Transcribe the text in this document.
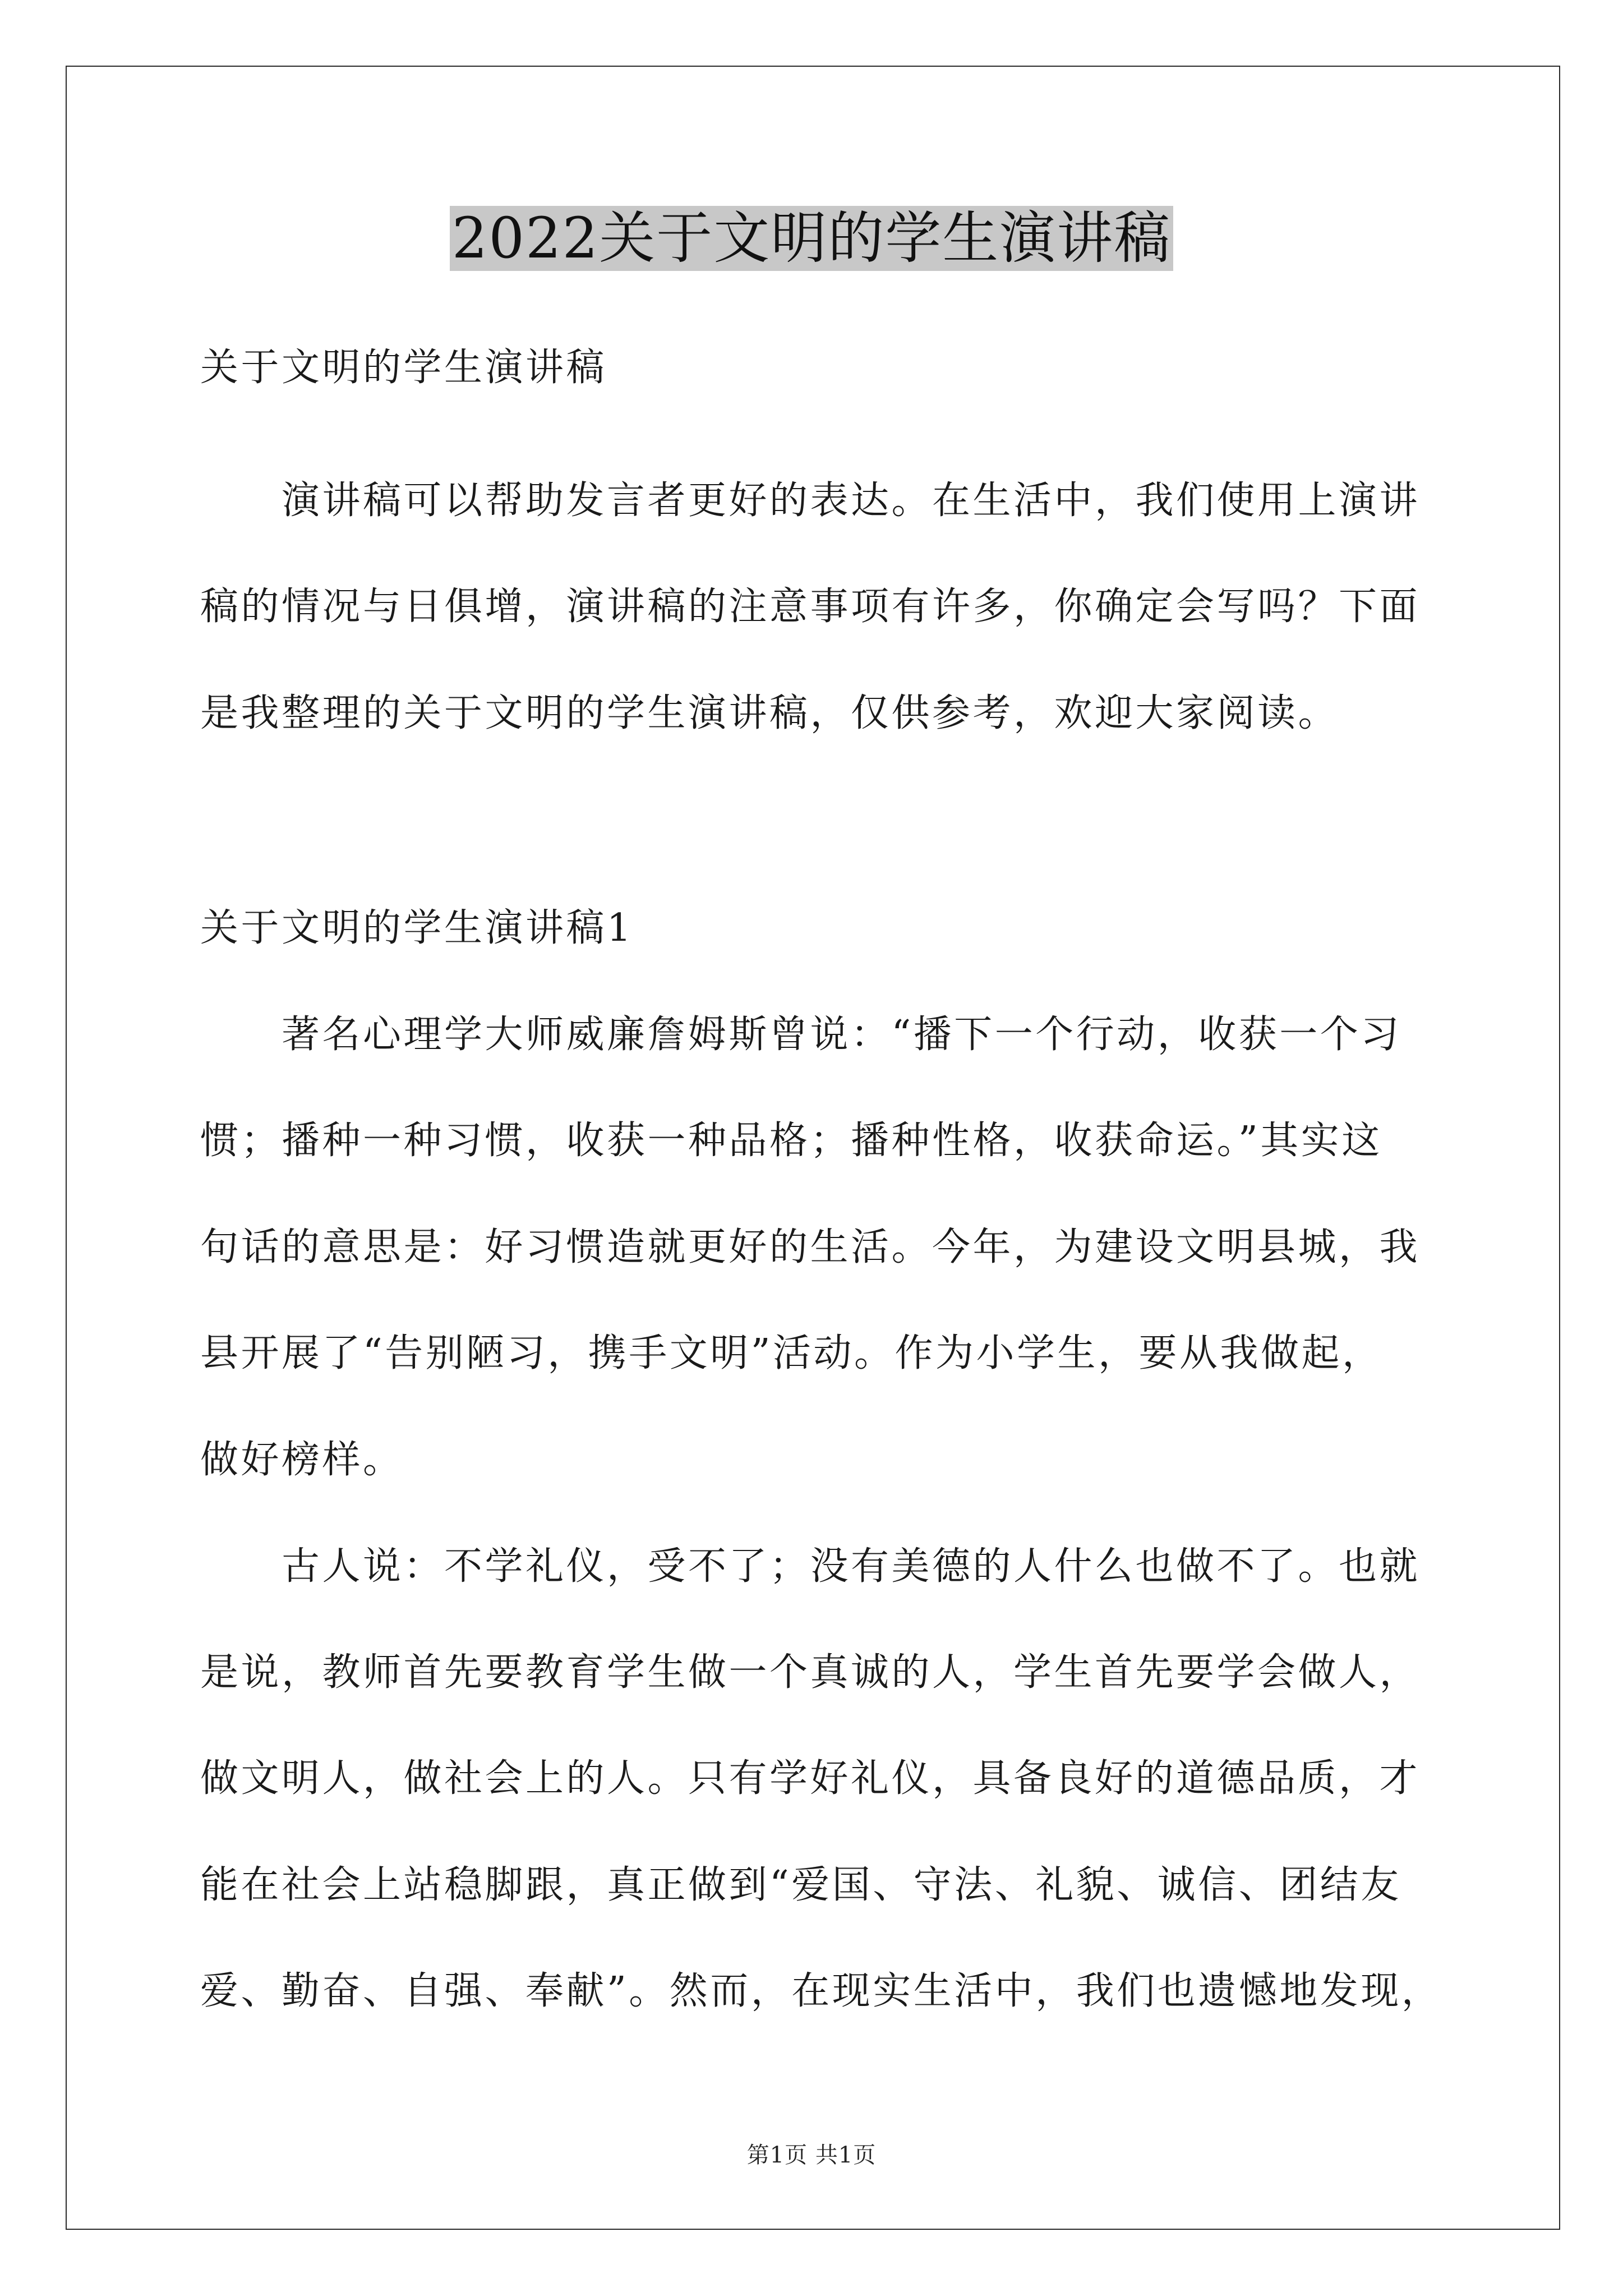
2022关于文明的学生演讲稿
关于文明的学生演讲稿
演讲稿可以帮助发言者更好的表达。在生活中，我们使用上演讲
稿的情况与日俱增，演讲稿的注意事项有许多，你确定会写吗？下面
是我整理的关于文明的学生演讲稿，仅供参考，欢迎大家阅读。
关于文明的学生演讲稿1
著名心理学大师威廉詹姆斯曾说：“播下一个行动，收获一个习
惯；播种一种习惯，收获一种品格；播种性格，收获命运。”其实这
句话的意思是：好习惯造就更好的生活。今年，为建设文明县城，我
县开展了“告别陋习，携手文明”活动。作为小学生，要从我做起，
做好榜样。
古人说：不学礼仪，受不了；没有美德的人什么也做不了。也就
是说，教师首先要教育学生做一个真诚的人，学生首先要学会做人，
做文明人，做社会上的人。只有学好礼仪，具备良好的道德品质，才
能在社会上站稳脚跟，真正做到“爱国、守法、礼貌、诚信、团结友
爱、勤奋、自强、奉献”。然而，在现实生活中，我们也遗憾地发现，
第1页 共1页
